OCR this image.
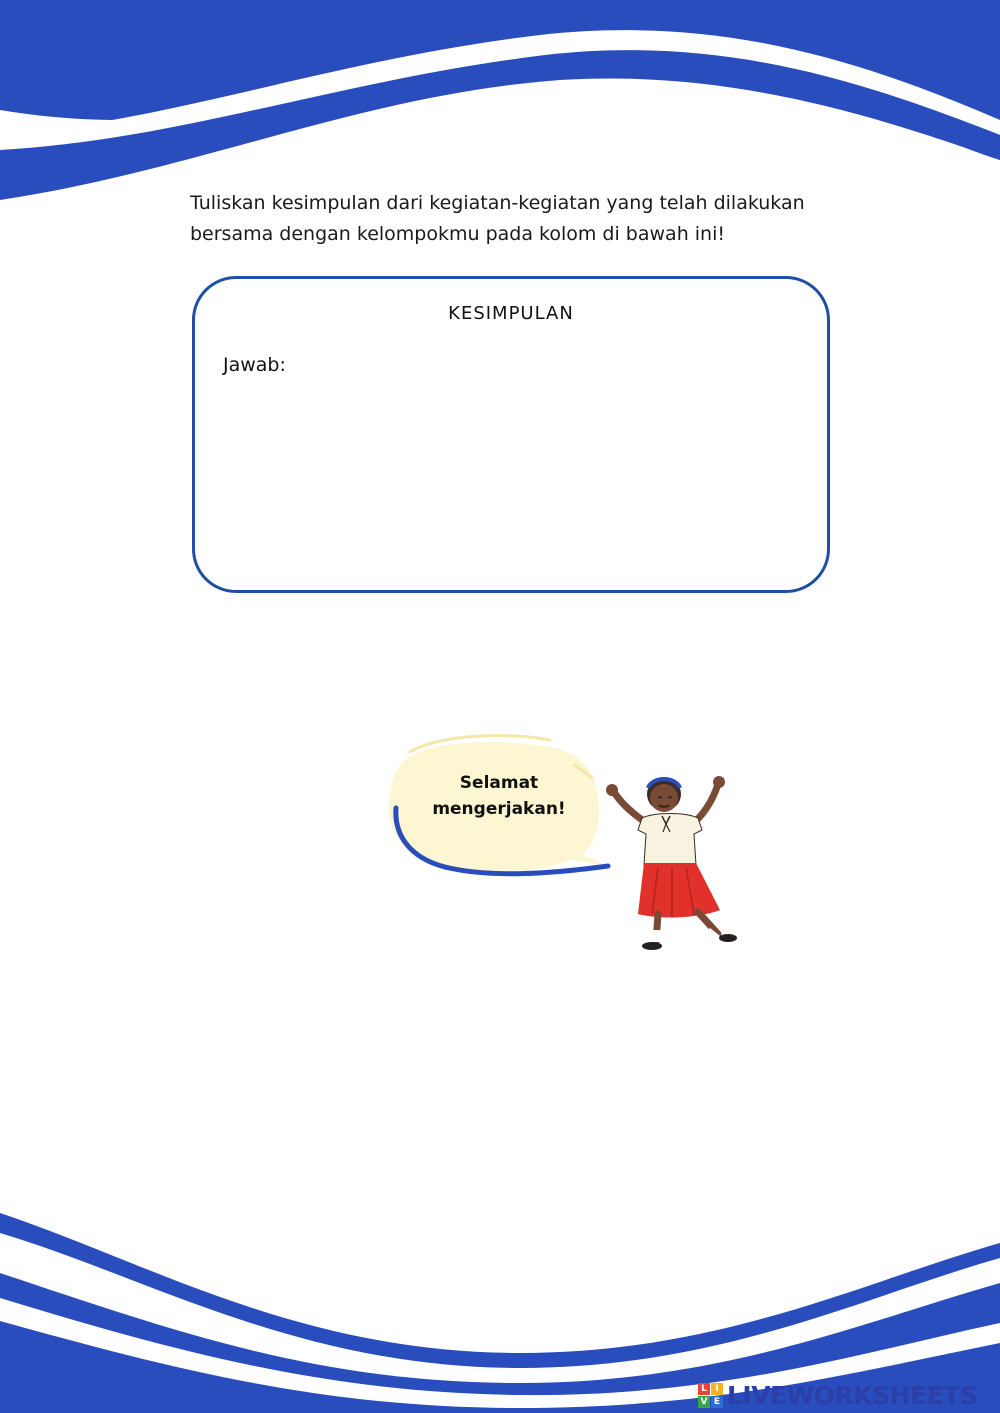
Tuliskan kesimpulan dari kegiatan-kegiatan yang telah dilakukan
bersama dengan kelompokmu pada kolom di bawah ini!
KESIMPULAN
Jawab:
Selamat
mengerjakan!
L I
V E LIVEWORKSHEETS
